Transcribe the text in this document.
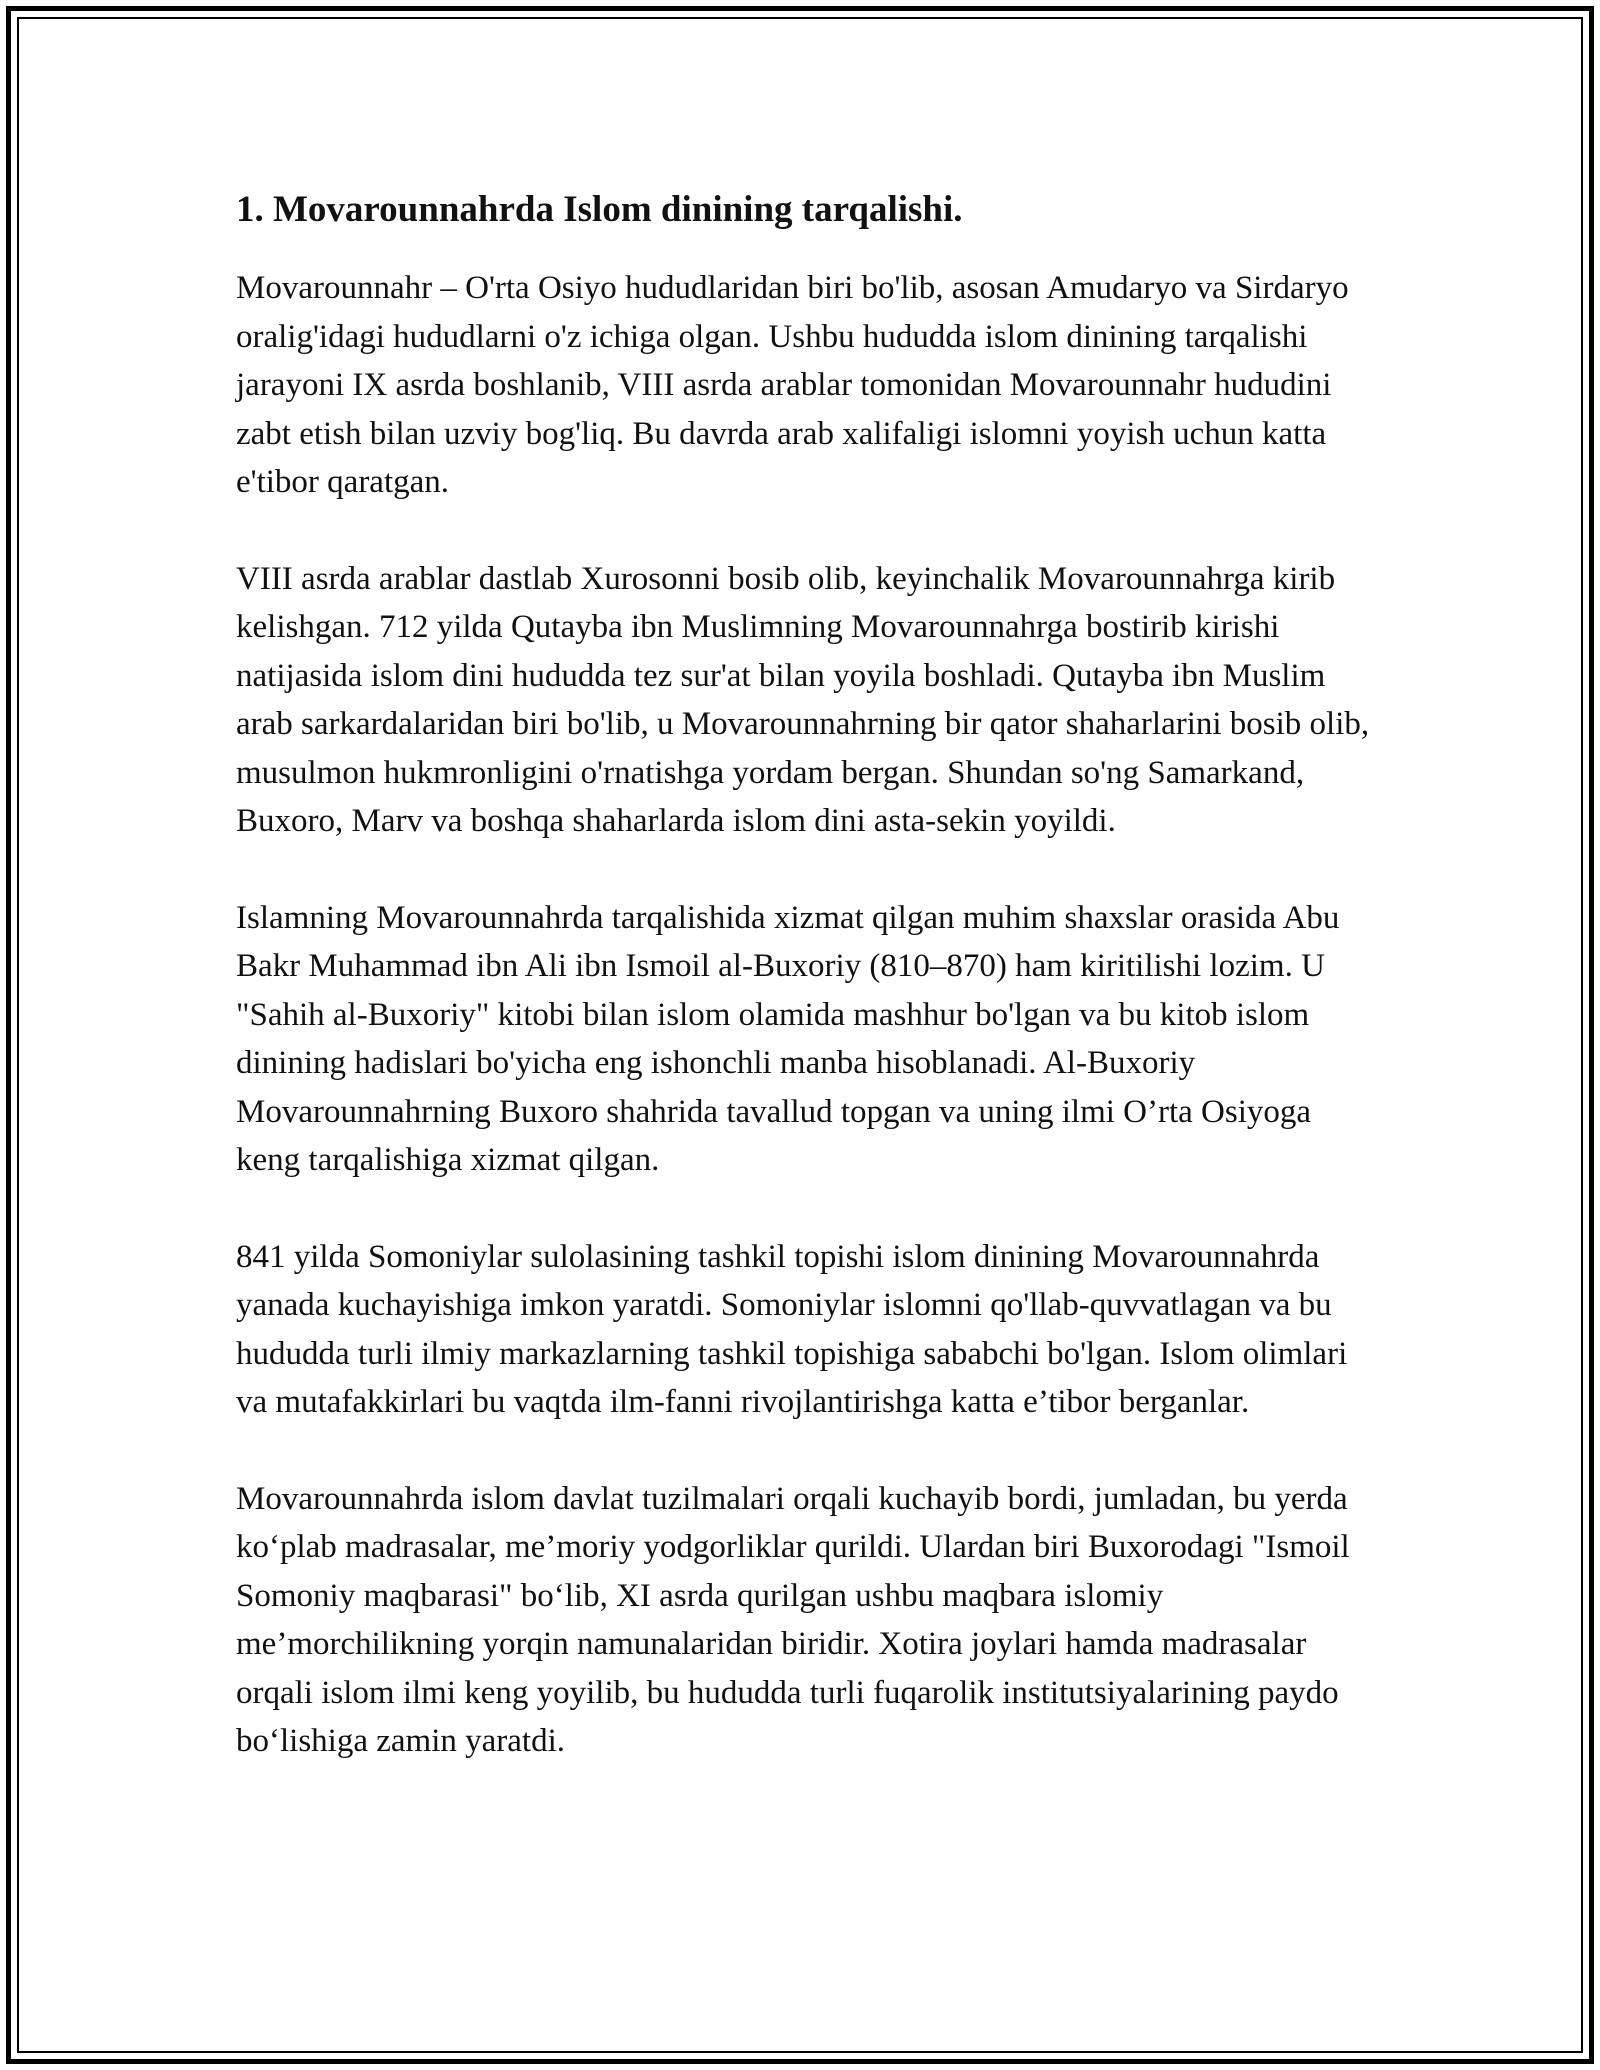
1. Movarounnahrda Islom dinining tarqalishi.

Movarounnahr – O'rta Osiyo hududlaridan biri bo'lib, asosan Amudaryo va Sirdaryo oralig'idagi hududlarni o'z ichiga olgan. Ushbu hududda islom dinining tarqalishi jarayoni IX asrda boshlanib, VIII asrda arablar tomonidan Movarounnahr hududini zabt etish bilan uzviy bog'liq. Bu davrda arab xalifaligi islomni yoyish uchun katta e'tibor qaratgan.

VIII asrda arablar dastlab Xurosonni bosib olib, keyinchalik Movarounnahrga kirib kelishgan. 712 yilda Qutayba ibn Muslimning Movarounnahrga bostirib kirishi natijasida islom dini hududda tez sur'at bilan yoyila boshladi. Qutayba ibn Muslim arab sarkardalaridan biri bo'lib, u Movarounnahrning bir qator shaharlarini bosib olib, musulmon hukmronligini o'rnatishga yordam bergan. Shundan so'ng Samarkand, Buxoro, Marv va boshqa shaharlarda islom dini asta-sekin yoyildi.

Islamning Movarounnahrda tarqalishida xizmat qilgan muhim shaxslar orasida Abu Bakr Muhammad ibn Ali ibn Ismoil al-Buxoriy (810–870) ham kiritilishi lozim. U "Sahih al-Buxoriy" kitobi bilan islom olamida mashhur bo'lgan va bu kitob islom dinining hadislari bo'yicha eng ishonchli manba hisoblanadi. Al-Buxoriy Movarounnahrning Buxoro shahrida tavallud topgan va uning ilmi O’rta Osiyoga keng tarqalishiga xizmat qilgan.

841 yilda Somoniylar sulolasining tashkil topishi islom dinining Movarounnahrda yanada kuchayishiga imkon yaratdi. Somoniylar islomni qo'llab-quvvatlagan va bu hududda turli ilmiy markazlarning tashkil topishiga sababchi bo'lgan. Islom olimlari va mutafakkirlari bu vaqtda ilm-fanni rivojlantirishga katta e’tibor berganlar.

Movarounnahrda islom davlat tuzilmalari orqali kuchayib bordi, jumladan, bu yerda ko‘plab madrasalar, me’moriy yodgorliklar qurildi. Ulardan biri Buxorodagi "Ismoil Somoniy maqbarasi" bo‘lib, XI asrda qurilgan ushbu maqbara islomiy me’morchilikning yorqin namunalaridan biridir. Xotira joylari hamda madrasalar orqali islom ilmi keng yoyilib, bu hududda turli fuqarolik institutsiyalarining paydo bo‘lishiga zamin yaratdi.
